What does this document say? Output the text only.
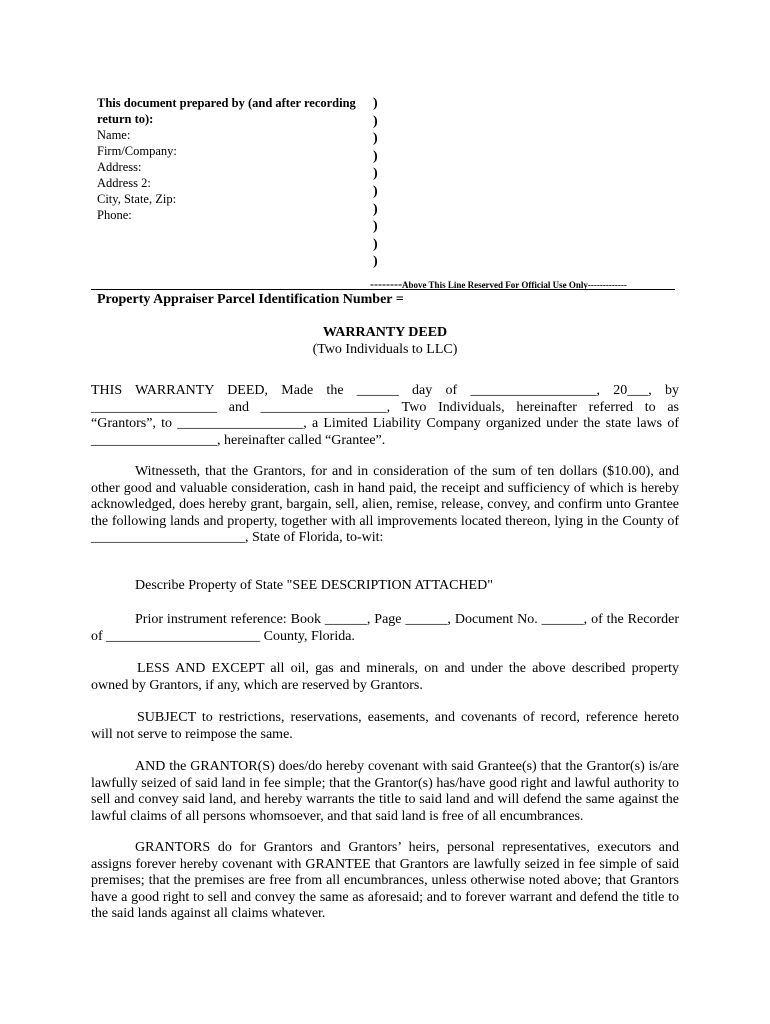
This document prepared by (and after recording return to):
Name:
Firm/Company:
Address:
Address 2:
City, State, Zip:
Phone:
)
)
)
)
)
)
)
)
)
)
--------Above This Line Reserved For Official Use Only-------------
Property Appraiser Parcel Identification Number =
WARRANTY DEED
(Two Individuals to LLC)
THIS WARRANTY DEED, Made the ______ day of __________________, 20___, by __________________ and __________________, Two Individuals, hereinafter referred to as “Grantors”, to __________________, a Limited Liability Company organized under the state laws of __________________, hereinafter called “Grantee”.
Witnesseth, that the Grantors, for and in consideration of the sum of ten dollars ($10.00), and other good and valuable consideration, cash in hand paid, the receipt and sufficiency of which is hereby acknowledged, does hereby grant, bargain, sell, alien, remise, release, convey, and confirm unto Grantee the following lands and property, together with all improvements located thereon, lying in the County of ______________________, State of Florida, to-wit:
Describe Property of State "SEE DESCRIPTION ATTACHED"
Prior instrument reference: Book ______, Page ______, Document No. ______, of the Recorder of ______________________ County, Florida.
LESS AND EXCEPT all oil, gas and minerals, on and under the above described property owned by Grantors, if any, which are reserved by Grantors.
SUBJECT to restrictions, reservations, easements, and covenants of record, reference hereto will not serve to reimpose the same.
AND the GRANTOR(S) does/do hereby covenant with said Grantee(s) that the Grantor(s) is/are lawfully seized of said land in fee simple; that the Grantor(s) has/have good right and lawful authority to sell and convey said land, and hereby warrants the title to said land and will defend the same against the lawful claims of all persons whomsoever, and that said land is free of all encumbrances.
GRANTORS do for Grantors and Grantors’ heirs, personal representatives, executors and assigns forever hereby covenant with GRANTEE that Grantors are lawfully seized in fee simple of said premises; that the premises are free from all encumbrances, unless otherwise noted above; that Grantors have a good right to sell and convey the same as aforesaid; and to forever warrant and defend the title to the said lands against all claims whatever.
